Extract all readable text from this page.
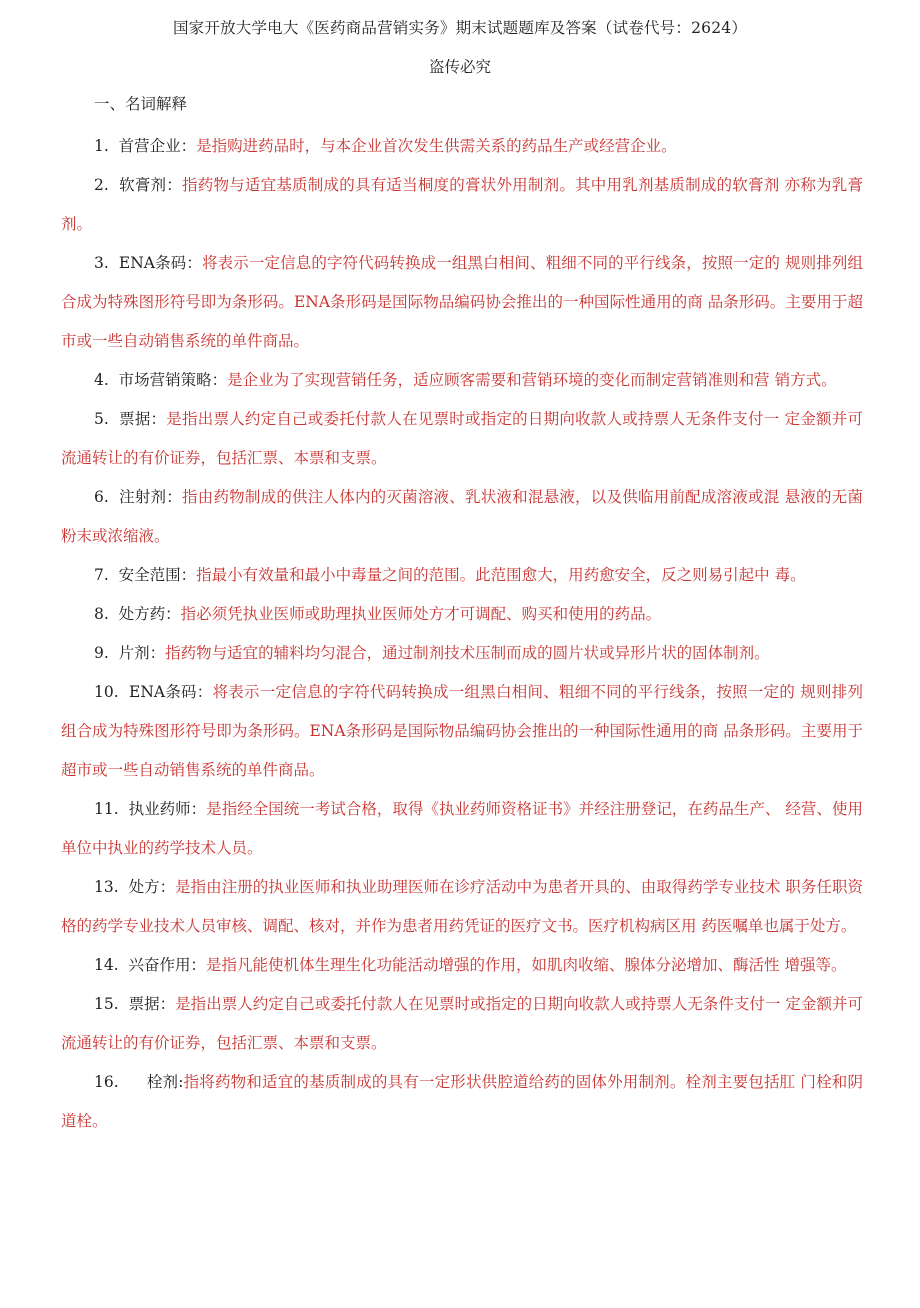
国家开放大学电大《医药商品营销实务》期末试题题库及答案（试卷代号：2624）
盗传必究
一、名词解释

1. 首营企业：是指购进药品时，与本企业首次发生供需关系的药品生产或经营企业。

2. 软膏剂：指药物与适宜基质制成的具有适当桐度的膏状外用制剂。其中用乳剂基质制成的软膏剂 亦称为乳膏剂。

3. ENA条码：将表示一定信息的字符代码转换成一组黑白相间、粗细不同的平行线条，按照一定的 规则排列组合成为特殊图形符号即为条形码。ENA条形码是国际物品编码协会推出的一种国际性通用的商 品条形码。主要用于超市或一些自动销售系统的单件商品。

4. 市场营销策略：是企业为了实现营销任务，适应顾客需要和营销环境的变化而制定营销准则和营 销方式。

5. 票据：是指出票人约定自己或委托付款人在见票时或指定的日期向收款人或持票人无条件支付一 定金额并可流通转让的有价证券，包括汇票、本票和支票。

6. 注射剂：指由药物制成的供注人体内的灭菌溶液、乳状液和混悬液，以及供临用前配成溶液或混 悬液的无菌粉末或浓缩液。

7. 安全范围：指最小有效量和最小中毒量之间的范围。此范围愈大，用药愈安全，反之则易引起中 毒。

8. 处方药：指必须凭执业医师或助理执业医师处方才可调配、购买和使用的药品。

9. 片剂：指药物与适宜的辅料均匀混合，通过制剂技术压制而成的圆片状或异形片状的固体制剂。

10. ENA条码：将表示一定信息的字符代码转换成一组黑白相间、粗细不同的平行线条，按照一定的 规则排列组合成为特殊图形符号即为条形码。ENA条形码是国际物品编码协会推出的一种国际性通用的商 品条形码。主要用于超市或一些自动销售系统的单件商品。

11. 执业药师：是指经全国统一考试合格，取得《执业药师资格证书》并经注册登记，在药品生产、 经营、使用单位中执业的药学技术人员。

13. 处方：是指由注册的执业医师和执业助理医师在诊疗活动中为患者开具的、由取得药学专业技术 职务任职资格的药学专业技术人员审核、调配、核对，并作为患者用药凭证的医疗文书。医疗机构病区用 药医嘱单也属于处方。

14. 兴奋作用：是指凡能使机体生理生化功能活动增强的作用，如肌肉收缩、腺体分泌增加、酶活性 增强等。

15. 票据：是指出票人约定自己或委托付款人在见票时或指定的日期向收款人或持票人无条件支付一 定金额并可流通转让的有价证券，包括汇票、本票和支票。

16. 栓剂:指将药物和适宜的基质制成的具有一定形状供腔道给药的固体外用制剂。栓剂主要包括肛 门栓和阴道栓。
